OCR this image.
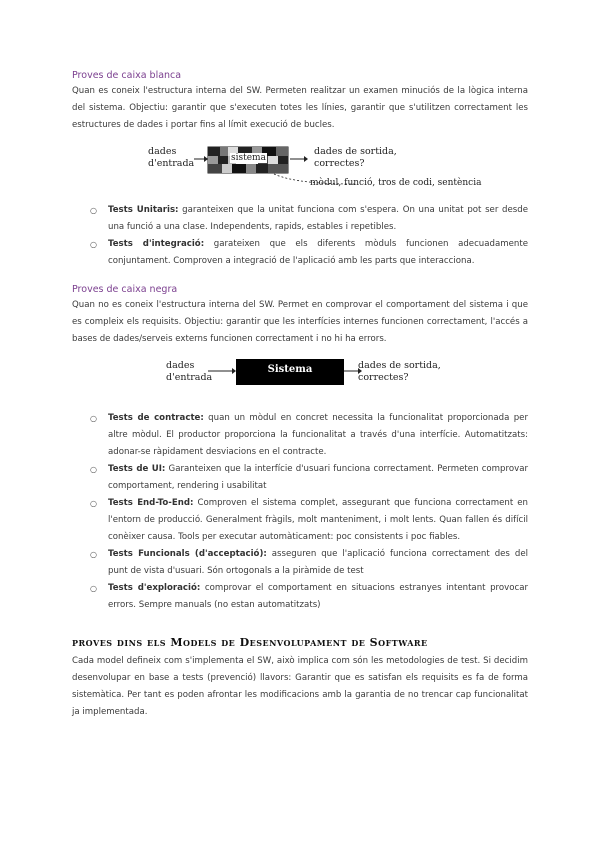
Proves de caixa blanca

Quan es coneix l'estructura interna del SW. Permeten realitzar un examen minuciós de la lògica interna del sistema. Objectiu: garantir que s'executen totes les línies, garantir que s'utilitzen correctament les estructures de dades i portar fins al límit execució de bucles.

dades
d'entrada	sistema
dades de sortida,
correctes?
mòdul, funció, tros de codi, sentència
○ Tests Unitaris: garanteixen que la unitat funciona com s'espera. On una unitat pot ser desde una funció a una clase. Independents, rapids, estables i repetibles.
○ Tests d'integració: garateixen que els diferents mòduls funcionen adecuadamente conjuntament. Comproven a integració de l'aplicació amb les parts que interacciona.
Proves de caixa negra

Quan no es coneix l'estructura interna del SW. Permet en comprovar el comportament del sistema i que es compleix els requisits. Objectiu: garantir que les interfícies internes funcionen correctament, l'accés a bases de dades/serveis externs funcionen correctament i no hi ha errors.

dades
d'entrada
Sistema	dades de sortida,
correctes?
○ Tests de contracte: quan un mòdul en concret necessita la funcionalitat proporcionada per altre mòdul. El productor proporciona la funcionalitat a través d'una interfície. Automatitzats: adonar-se ràpidament desviacions en el contracte.
○ Tests de UI: Garanteixen que la interfície d'usuari funciona correctament. Permeten comprovar comportament, rendering i usabilitat
○ Tests End-To-End: Comproven el sistema complet, assegurant que funciona correctament en l'entorn de producció. Generalment fràgils, molt manteniment, i molt lents. Quan fallen és difícil conèixer causa. Tools per executar automàticament: poc consistents i poc fiables.
○ Tests Funcionals (d'acceptació): asseguren que l'aplicació funciona correctament des del punt de vista d'usuari. Són ortogonals a la piràmide de test
○ Tests d'exploració: comprovar el comportament en situacions estranyes intentant provocar errors. Sempre manuals (no estan automatitzats)
proves dins els Models de Desenvolupament de Software

Cada model defineix com s'implementa el SW, això implica com són les metodologies de test. Si decidim desenvolupar en base a tests (prevenció) llavors: Garantir que es satisfan els requisits es fa de forma sistemàtica. Per tant es poden afrontar les modificacions amb la garantia de no trencar cap funcionalitat ja implementada.
